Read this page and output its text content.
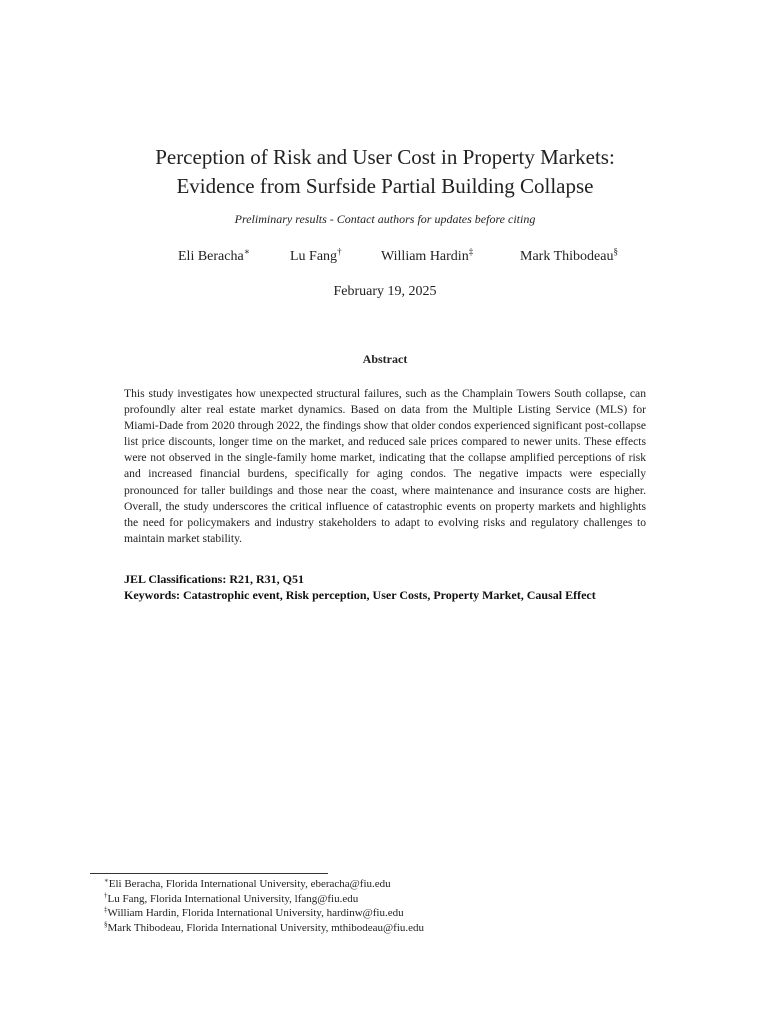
Perception of Risk and User Cost in Property Markets:
Evidence from Surfside Partial Building Collapse
Preliminary results - Contact authors for updates before citing
Eli Beracha∗	Lu Fang†	William Hardin‡	Mark Thibodeau§
February 19, 2025
Abstract
This study investigates how unexpected structural failures, such as the Champlain Towers South collapse, can profoundly alter real estate market dynamics. Based on data from the Multiple Listing Service (MLS) for Miami-Dade from 2020 through 2022, the findings show that older condos experienced significant post-collapse list price discounts, longer time on the market, and reduced sale prices compared to newer units. These effects were not observed in the single-family home market, indicating that the collapse amplified perceptions of risk and increased financial burdens, specifically for aging condos. The negative impacts were especially pronounced for taller buildings and those near the coast, where maintenance and insurance costs are higher. Overall, the study underscores the critical influence of catastrophic events on property markets and highlights the need for policymakers and industry stakeholders to adapt to evolving risks and regulatory challenges to maintain market stability.
JEL Classifications: R21, R31, Q51
Keywords: Catastrophic event, Risk perception, User Costs, Property Market, Causal Effect
∗Eli Beracha, Florida International University, eberacha@fiu.edu
†Lu Fang, Florida International University, lfang@fiu.edu
‡William Hardin, Florida International University, hardinw@fiu.edu
§Mark Thibodeau, Florida International University, mthibodeau@fiu.edu
